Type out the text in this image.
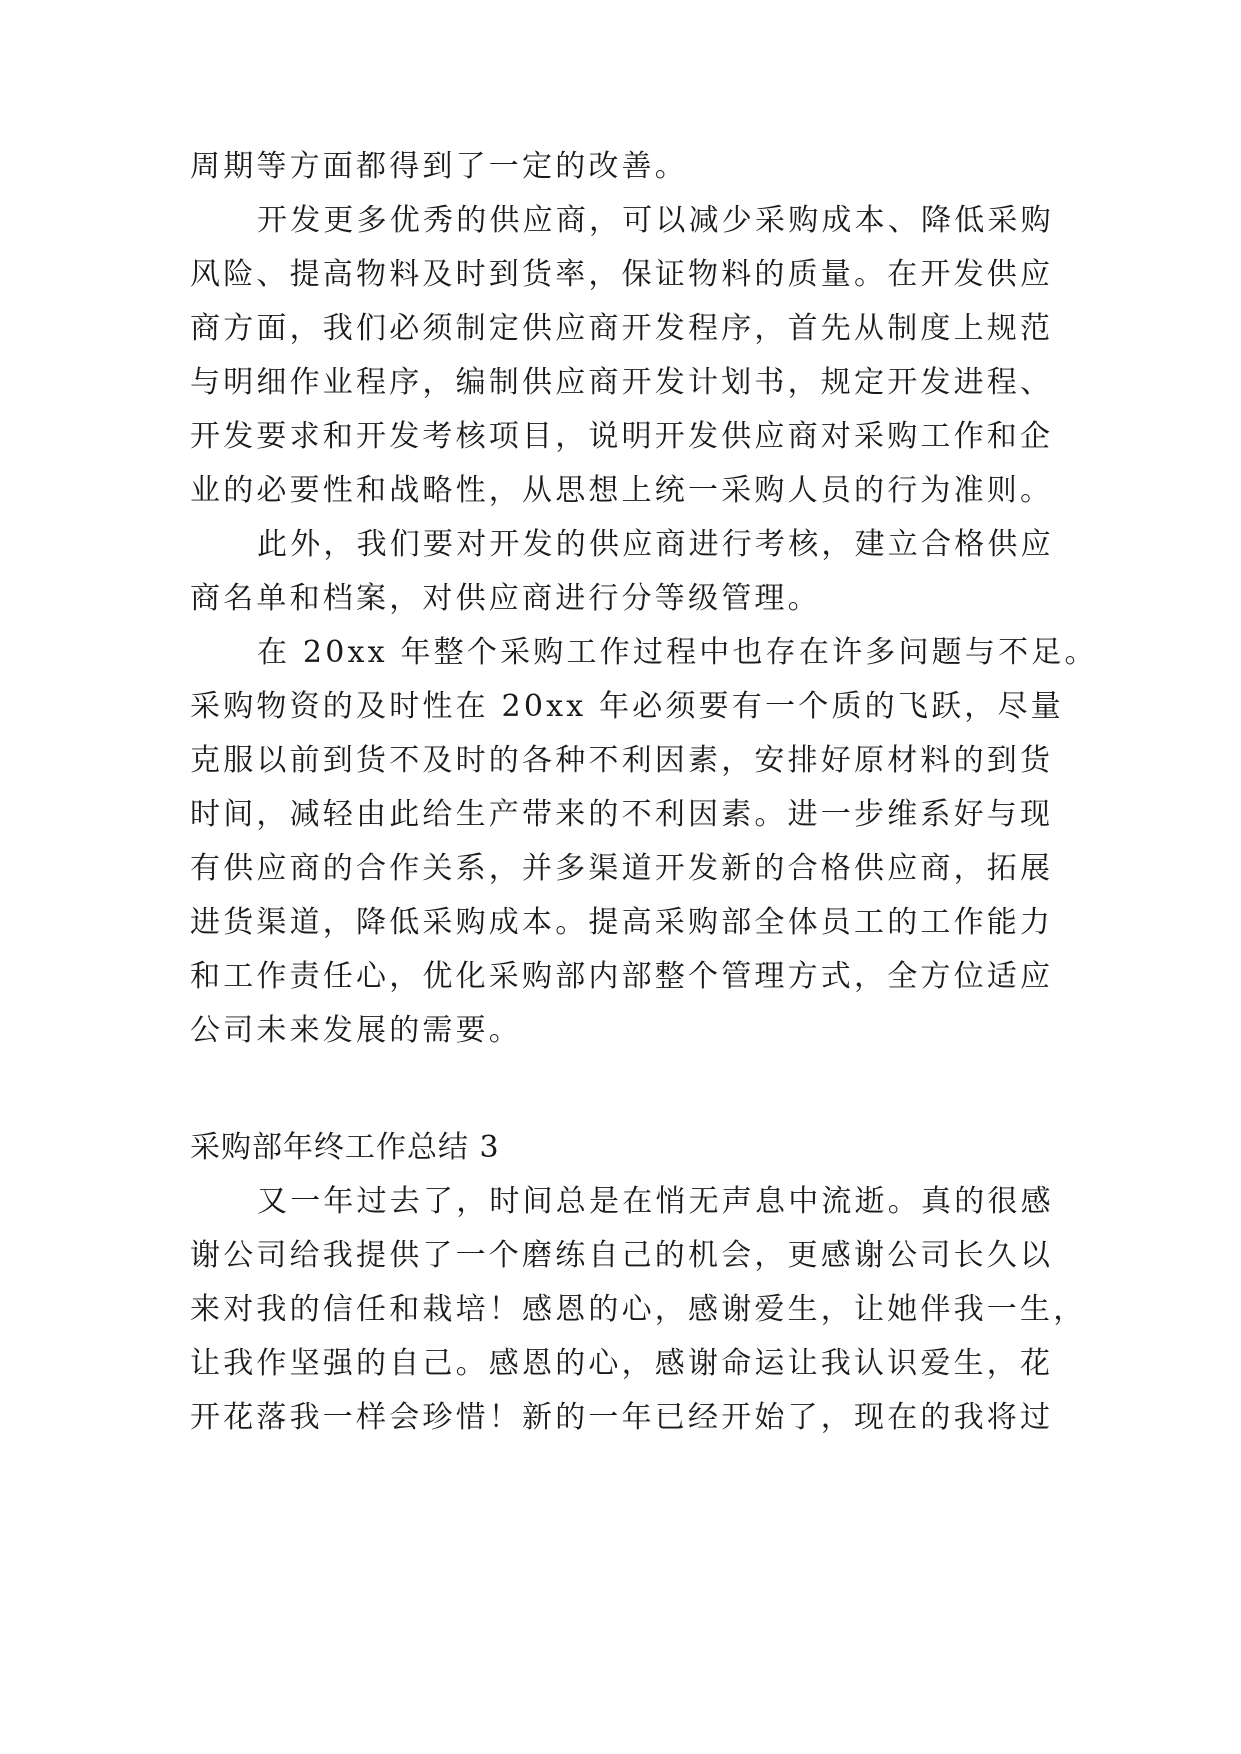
周期等方面都得到了一定的改善。
开发更多优秀的供应商，可以减少采购成本、降低采购
风险、提高物料及时到货率，保证物料的质量。在开发供应
商方面，我们必须制定供应商开发程序，首先从制度上规范
与明细作业程序，编制供应商开发计划书，规定开发进程、
开发要求和开发考核项目，说明开发供应商对采购工作和企
业的必要性和战略性，从思想上统一采购人员的行为准则。
此外，我们要对开发的供应商进行考核，建立合格供应
商名单和档案，对供应商进行分等级管理。
在 20xx 年整个采购工作过程中也存在许多问题与不足。
采购物资的及时性在 20xx 年必须要有一个质的飞跃，尽量
克服以前到货不及时的各种不利因素，安排好原材料的到货
时间，减轻由此给生产带来的不利因素。进一步维系好与现
有供应商的合作关系，并多渠道开发新的合格供应商，拓展
进货渠道，降低采购成本。提高采购部全体员工的工作能力
和工作责任心，优化采购部内部整个管理方式，全方位适应
公司未来发展的需要。
采购部年终工作总结 3
又一年过去了，时间总是在悄无声息中流逝。真的很感
谢公司给我提供了一个磨练自己的机会，更感谢公司长久以
来对我的信任和栽培！感恩的心，感谢爱生，让她伴我一生，
让我作坚强的自己。感恩的心，感谢命运让我认识爱生，花
开花落我一样会珍惜！新的一年已经开始了，现在的我将过
